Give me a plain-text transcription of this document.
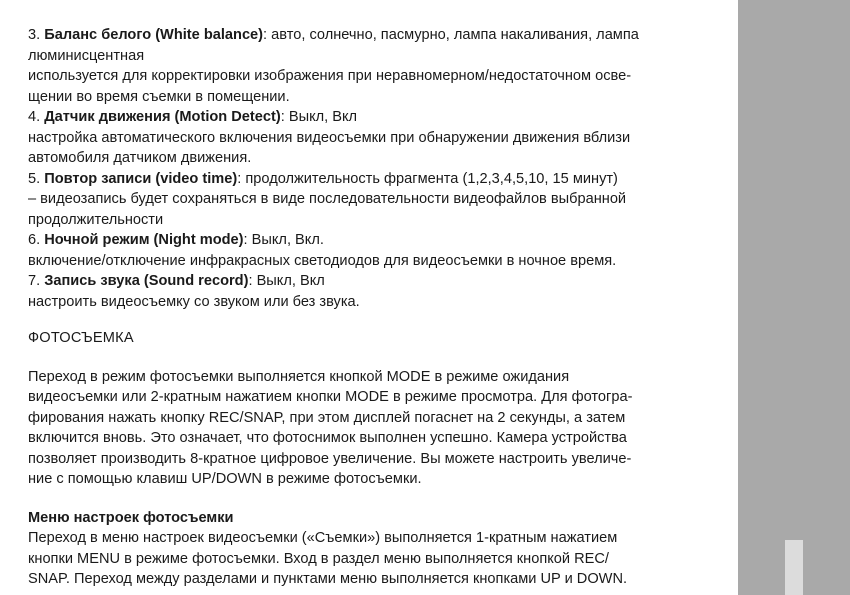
3. Баланс белого (White balance): авто, солнечно, пасмурно, лампа накаливания, лампа
люминисцентная
используется для корректировки изображения при неравномерном/недостаточном осве-
щении во время съемки в помещении.
4. Датчик движения (Motion Detect): Выкл, Вкл
настройка автоматического включения видеосъемки при обнаружении движения вблизи
автомобиля датчиком движения.
5. Повтор записи (video time): продолжительность фрагмента (1,2,3,4,5,10, 15 минут)
– видеозапись будет сохраняться в виде последовательности видеофайлов выбранной
продолжительности
6. Ночной режим (Night mode): Выкл, Вкл.
включение/отключение инфракрасных светодиодов для видеосъемки в ночное время.
7. Запись звука (Sound record): Выкл, Вкл
настроить видеосъемку со звуком или без звука.
ФОТОСЪЕМКА
Переход в режим фотосъемки выполняется кнопкой MODE в режиме ожидания
видеосъемки или 2-кратным нажатием кнопки MODE в режиме просмотра. Для фотогра-
фирования нажать кнопку REC/SNAP, при этом дисплей погаснет на 2 секунды, а затем
включится вновь. Это означает, что фотоснимок выполнен успешно. Камера устройства
позволяет производить 8-кратное цифровое увеличение. Вы можете настроить увеличе-
ние с помощью клавиш UP/DOWN в режиме фотосъемки.
Меню настроек фотосъемки
Переход в меню настроек видеосъемки («Съемки») выполняется 1-кратным нажатием
кнопки MENU в режиме фотосъемки. Вход в раздел меню выполняется кнопкой REC/
SNAP. Переход между разделами и пунктами меню выполняется кнопками UP и DOWN.
